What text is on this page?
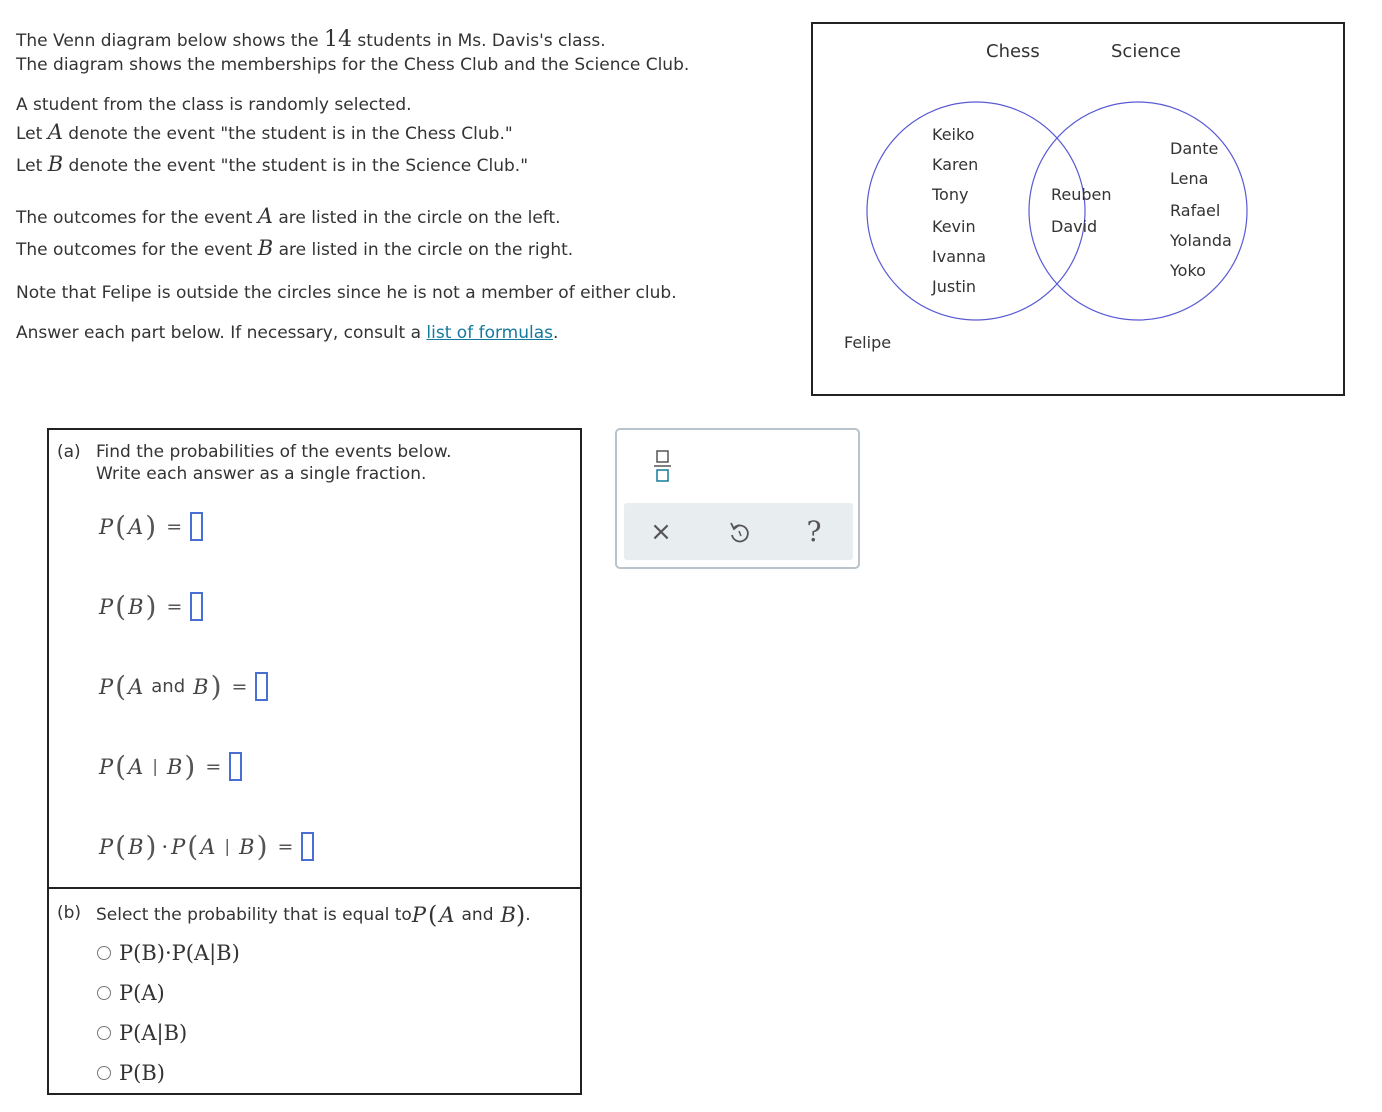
The Venn diagram below shows the 14 students in Ms. Davis's class.
The diagram shows the memberships for the Chess Club and the Science Club.
A student from the class is randomly selected.
Let A denote the event "the student is in the Chess Club."
Let B denote the event "the student is in the Science Club."
The outcomes for the event A are listed in the circle on the left.
The outcomes for the event B are listed in the circle on the right.
Note that Felipe is outside the circles since he is not a member of either club.
Answer each part below. If necessary, consult a list of formulas.
Chess	Science
Keiko
Karen
Tony
Kevin
Ivanna
Justin
Reuben
David
Dante
Lena
Rafael
Yolanda
Yoko
Felipe
(a) Find the probabilities of the events below.
Write each answer as a single fraction.
P ( A ) =
P ( B ) =
P ( A and B ) =
P ( A | B ) =
P ( B ) · P ( A | B ) =
(b) Select the probability that is equal to P ( A and B ) .
P(B)·P(A|B)
P(A)
P(A|B)
P(B)
×	?
